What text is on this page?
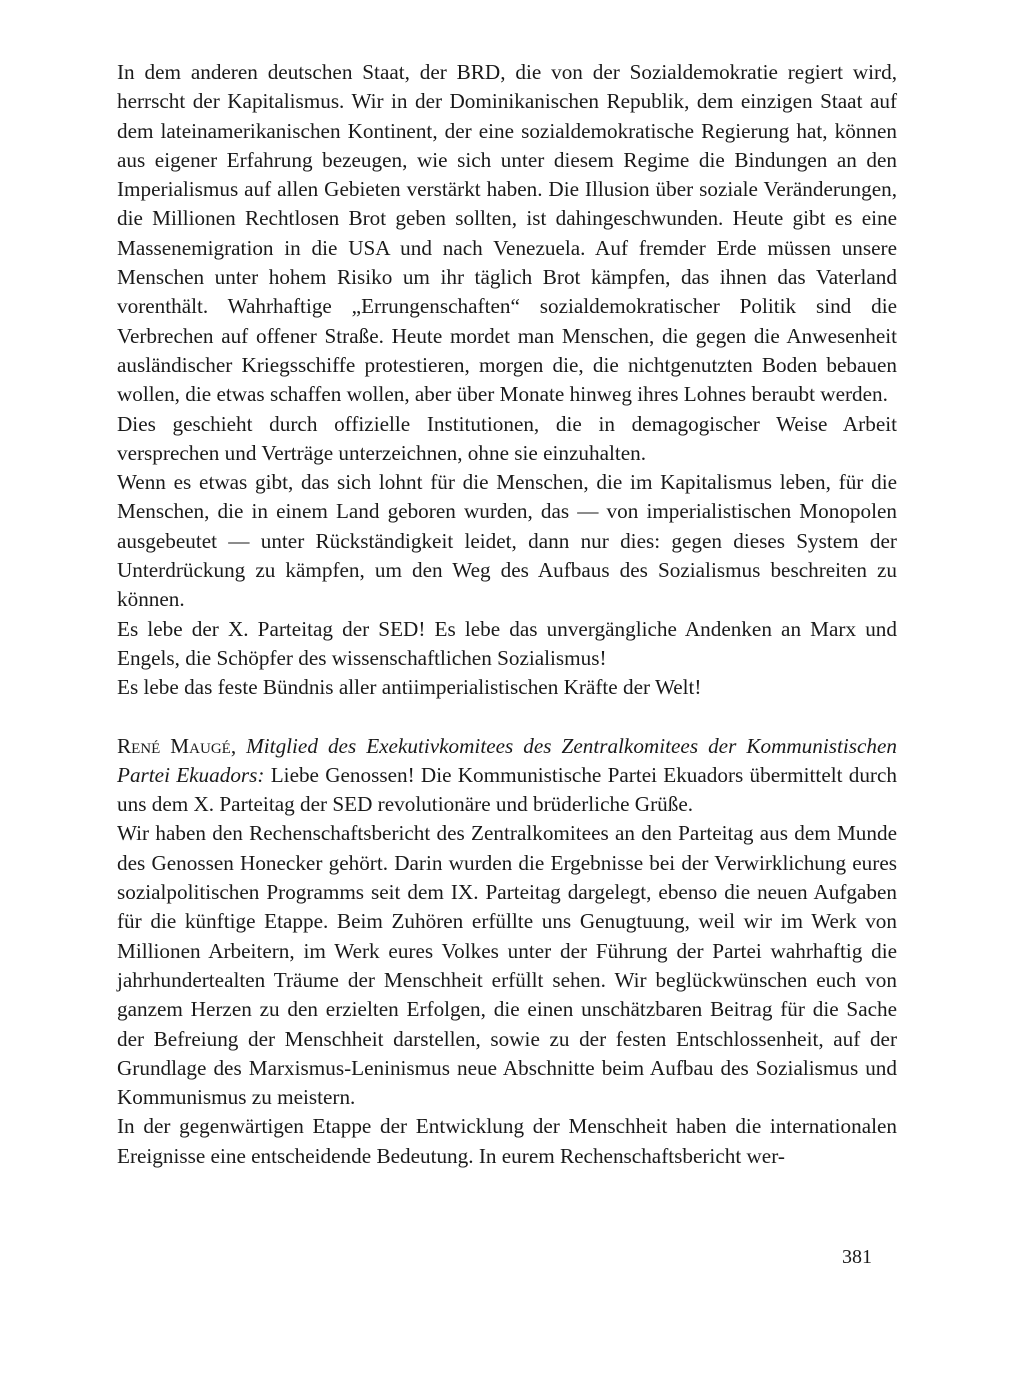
In dem anderen deutschen Staat, der BRD, die von der Sozialdemokratie regiert wird, herrscht der Kapitalismus. Wir in der Dominikanischen Republik, dem einzigen Staat auf dem lateinamerikanischen Kontinent, der eine sozialdemokratische Regierung hat, können aus eigener Erfahrung bezeugen, wie sich unter diesem Regime die Bindungen an den Imperialismus auf allen Gebieten verstärkt haben. Die Illusion über soziale Veränderungen, die Millionen Rechtlosen Brot geben sollten, ist dahingeschwunden. Heute gibt es eine Massenemigration in die USA und nach Venezuela. Auf fremder Erde müssen unsere Menschen unter hohem Risiko um ihr täglich Brot kämpfen, das ihnen das Vaterland vorenthält. Wahrhaftige „Errungenschaften“ sozialdemokratischer Politik sind die Verbrechen auf offener Straße. Heute mordet man Menschen, die gegen die Anwesenheit ausländischer Kriegsschiffe protestieren, morgen die, die nichtgenutzten Boden bebauen wollen, die etwas schaffen wollen, aber über Monate hinweg ihres Lohnes beraubt werden.

Dies geschieht durch offizielle Institutionen, die in demagogischer Weise Arbeit versprechen und Verträge unterzeichnen, ohne sie einzuhalten.

Wenn es etwas gibt, das sich lohnt für die Menschen, die im Kapitalismus leben, für die Menschen, die in einem Land geboren wurden, das — von imperialistischen Monopolen ausgebeutet — unter Rückständigkeit leidet, dann nur dies: gegen dieses System der Unterdrückung zu kämpfen, um den Weg des Aufbaus des Sozialismus beschreiten zu können.

Es lebe der X. Parteitag der SED! Es lebe das unvergängliche Andenken an Marx und Engels, die Schöpfer des wissenschaftlichen Sozialismus!

Es lebe das feste Bündnis aller antiimperialistischen Kräfte der Welt!

René Maugé, Mitglied des Exekutivkomitees des Zentralkomitees der Kommunistischen Partei Ekuadors: Liebe Genossen! Die Kommunistische Partei Ekuadors übermittelt durch uns dem X. Parteitag der SED revolutionäre und brüderliche Grüße.

Wir haben den Rechenschaftsbericht des Zentralkomitees an den Parteitag aus dem Munde des Genossen Honecker gehört. Darin wurden die Ergebnisse bei der Verwirklichung eures sozialpolitischen Programms seit dem IX. Parteitag dargelegt, ebenso die neuen Aufgaben für die künftige Etappe. Beim Zuhören erfüllte uns Genugtuung, weil wir im Werk von Millionen Arbeitern, im Werk eures Volkes unter der Führung der Partei wahrhaftig die jahrhundertealten Träume der Menschheit erfüllt sehen. Wir beglückwünschen euch von ganzem Herzen zu den erzielten Erfolgen, die einen unschätzbaren Beitrag für die Sache der Befreiung der Menschheit darstellen, sowie zu der festen Entschlossenheit, auf der Grundlage des Marxismus-Leninismus neue Abschnitte beim Aufbau des Sozialismus und Kommunismus zu meistern.

In der gegenwärtigen Etappe der Entwicklung der Menschheit haben die internationalen Ereignisse eine entscheidende Bedeutung. In eurem Rechenschaftsbericht wer-

381
